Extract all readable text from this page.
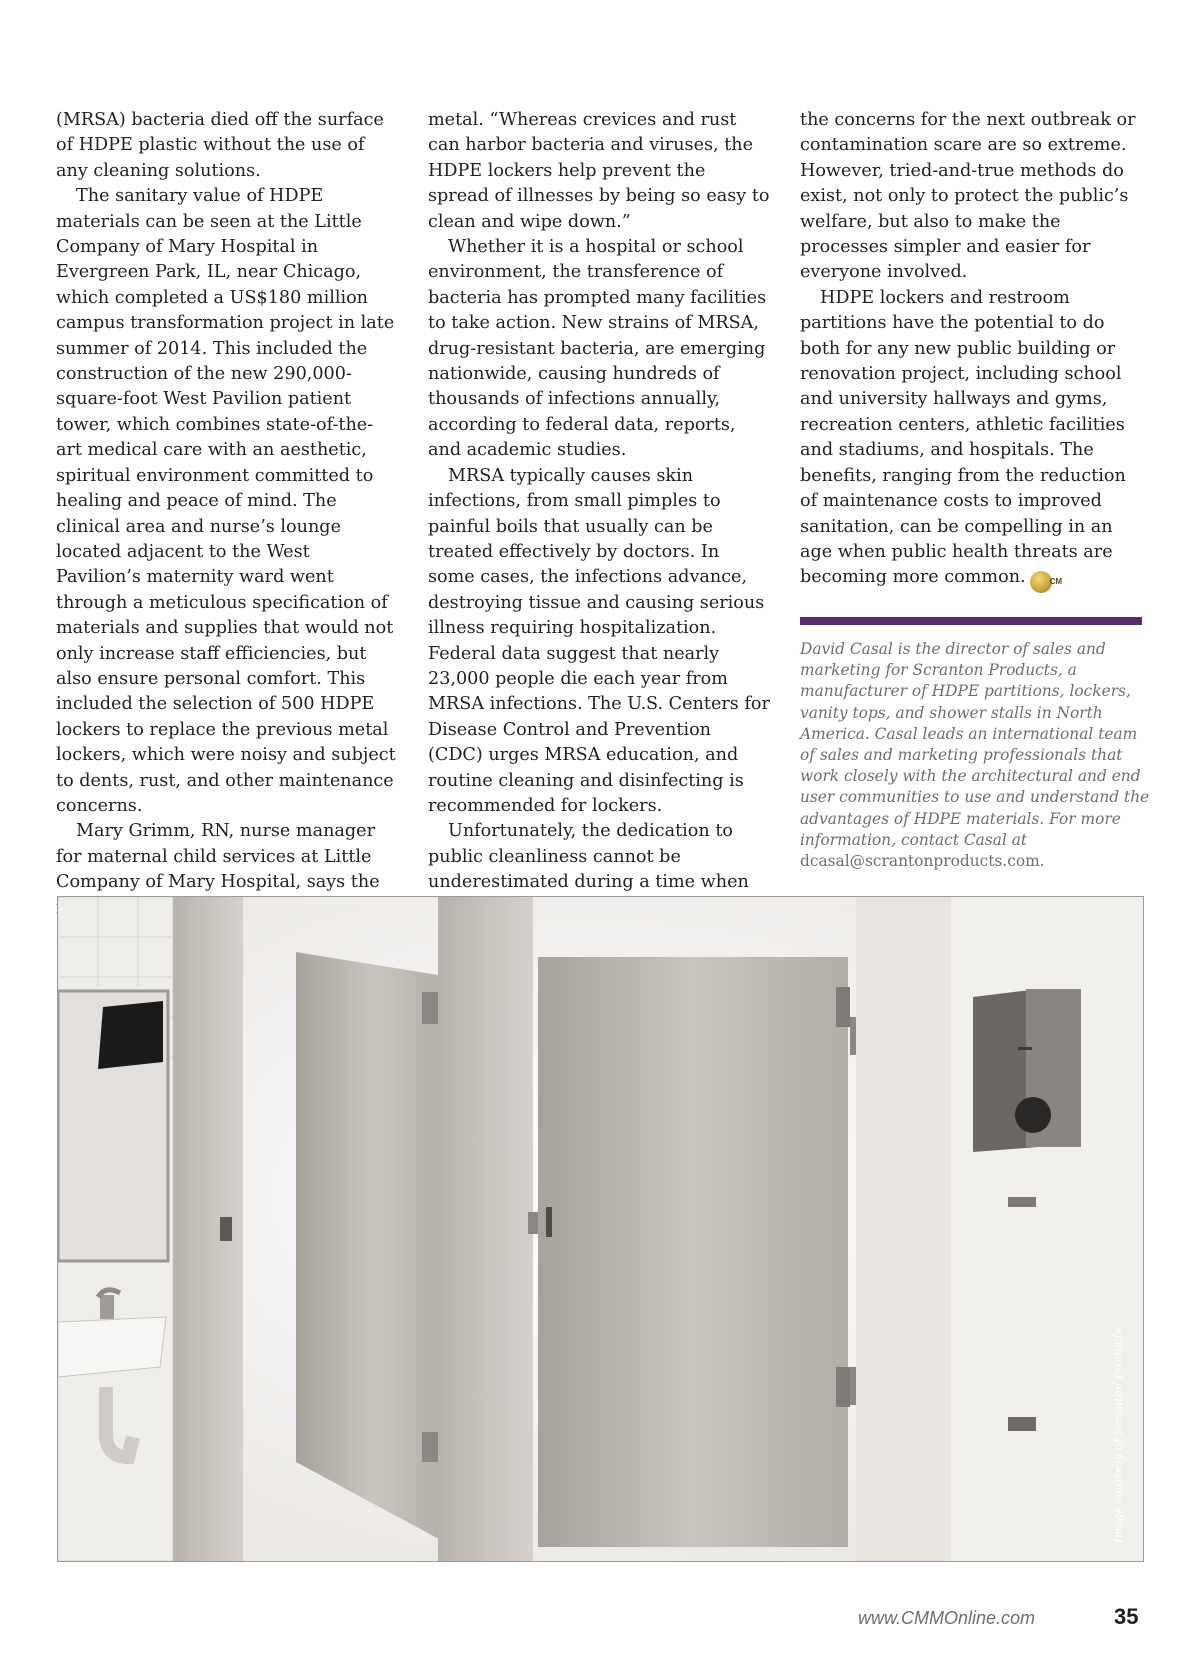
(MRSA) bacteria died off the surface of HDPE plastic without the use of any cleaning solutions.

The sanitary value of HDPE materials can be seen at the Little Company of Mary Hospital in Evergreen Park, IL, near Chicago, which completed a US$180 million campus transformation project in late summer of 2014. This included the construction of the new 290,000-square-foot West Pavilion patient tower, which combines state-of-the-art medical care with an aesthetic, spiritual environment committed to healing and peace of mind. The clinical area and nurse’s lounge located adjacent to the West Pavilion’s maternity ward went through a meticulous specification of materials and supplies that would not only increase staff efficiencies, but also ensure personal comfort. This included the selection of 500 HDPE lockers to replace the previous metal lockers, which were noisy and subject to dents, rust, and other maintenance concerns.

Mary Grimm, RN, nurse manager for maternal child services at Little Company of Mary Hospital, says the

metal. “Whereas crevices and rust can harbor bacteria and viruses, the HDPE lockers help prevent the spread of illnesses by being so easy to clean and wipe down.”

Whether it is a hospital or school environment, the transference of bacteria has prompted many facilities to take action. New strains of MRSA, drug-resistant bacteria, are emerging nationwide, causing hundreds of thousands of infections annually, according to federal data, reports, and academic studies.

MRSA typically causes skin infections, from small pimples to painful boils that usually can be treated effectively by doctors. In some cases, the infections advance, destroying tissue and causing serious illness requiring hospitalization. Federal data suggest that nearly 23,000 people die each year from MRSA infections. The U.S. Centers for Disease Control and Prevention (CDC) urges MRSA education, and routine cleaning and disinfecting is recommended for lockers.

Unfortunately, the dedication to public cleanliness cannot be underestimated during a time when

the concerns for the next outbreak or contamination scare are so extreme. However, tried-and-true methods do exist, not only to protect the public’s welfare, but also to make the processes simpler and easier for everyone involved.

HDPE lockers and restroom partitions have the potential to do both for any new public building or renovation project, including school and university hallways and gyms, recreation centers, athletic facilities and stadiums, and hospitals. The benefits, ranging from the reduction of maintenance costs to improved sanitation, can be compelling in an age when public health threats are becoming more common.	CM

David Casal is the director of sales and marketing for Scranton Products, a manufacturer of HDPE partitions, lockers, vanity tops, and shower stalls in North America. Casal leads an international team of sales and marketing professionals that work closely with the architectural and end user communities to use and understand the advantages of HDPE materials. For more information, contact Casal at dcasal@scrantonproducts.com.
Image courtesy of Scranton Products
www.CMMOnline.com	35
